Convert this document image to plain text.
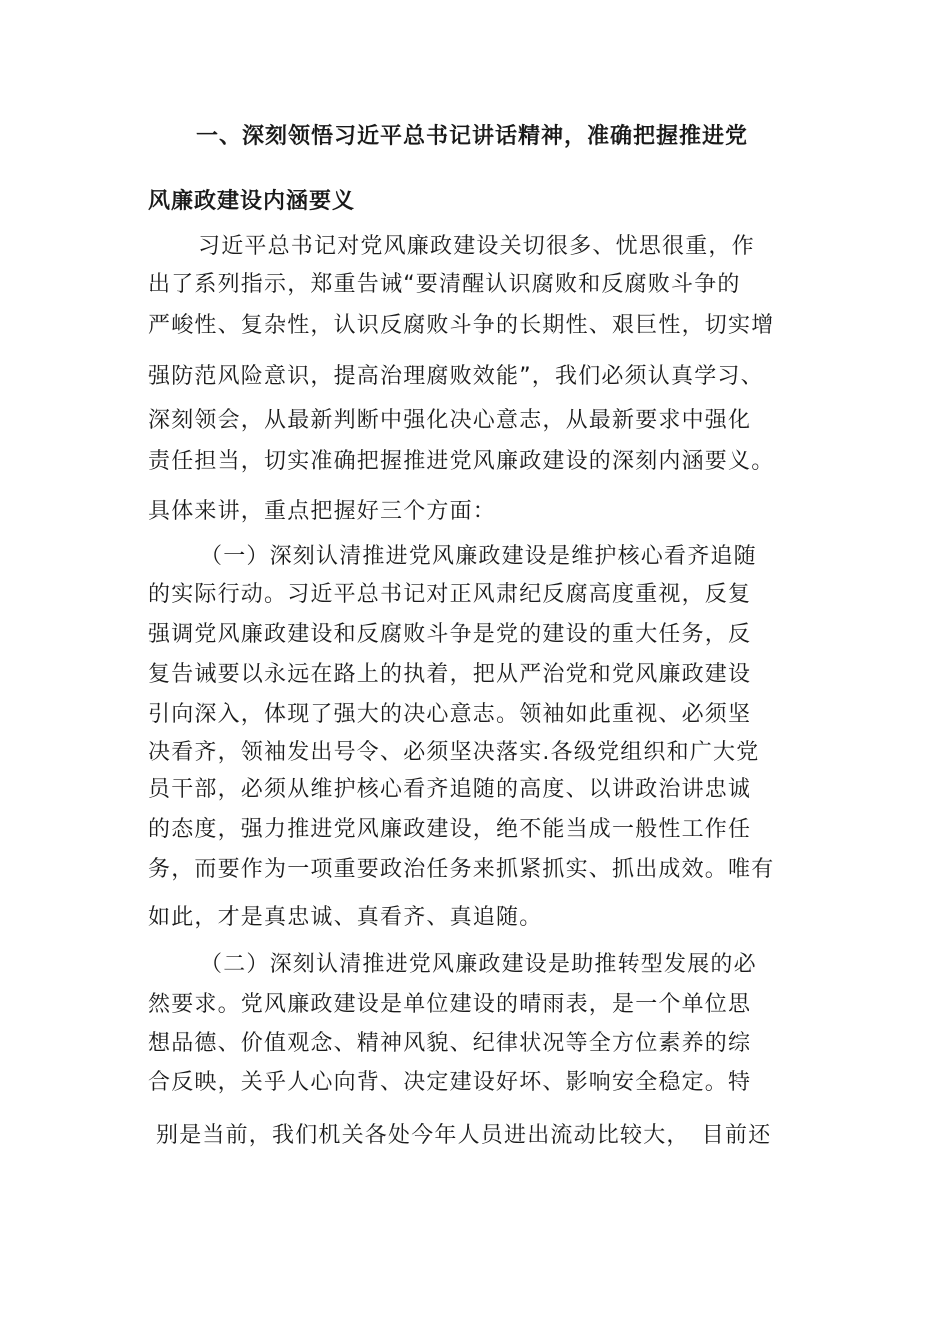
一、深刻领悟习近平总书记讲话精神，准确把握推进党
风廉政建设内涵要义
习近平总书记对党风廉政建设关切很多、忧思很重，作
出了系列指示，郑重告诫“要清醒认识腐败和反腐败斗争的
严峻性、复杂性，认识反腐败斗争的长期性、艰巨性，切实增
强防范风险意识，提高治理腐败效能”，我们必须认真学习、
深刻领会，从最新判断中强化决心意志，从最新要求中强化
责任担当，切实准确把握推进党风廉政建设的深刻内涵要义。
具体来讲，重点把握好三个方面：
（一）深刻认清推进党风廉政建设是维护核心看齐追随
的实际行动。习近平总书记对正风肃纪反腐高度重视，反复
强调党风廉政建设和反腐败斗争是党的建设的重大任务，反
复告诫要以永远在路上的执着，把从严治党和党风廉政建设
引向深入，体现了强大的决心意志。领袖如此重视、必须坚
决看齐，领袖发出号令、必须坚决落实.各级党组织和广大党
员干部，必须从维护核心看齐追随的高度、以讲政治讲忠诚
的态度，强力推进党风廉政建设，绝不能当成一般性工作任
务，而要作为一项重要政治任务来抓紧抓实、抓出成效。唯有
如此，才是真忠诚、真看齐、真追随。
（二）深刻认清推进党风廉政建设是助推转型发展的必
然要求。党风廉政建设是单位建设的晴雨表，是一个单位思
想品德、价值观念、精神风貌、纪律状况等全方位素养的综
合反映，关乎人心向背、决定建设好坏、影响安全稳定。特
别是当前，我们机关各处今年人员进出流动比较大，　目前还
